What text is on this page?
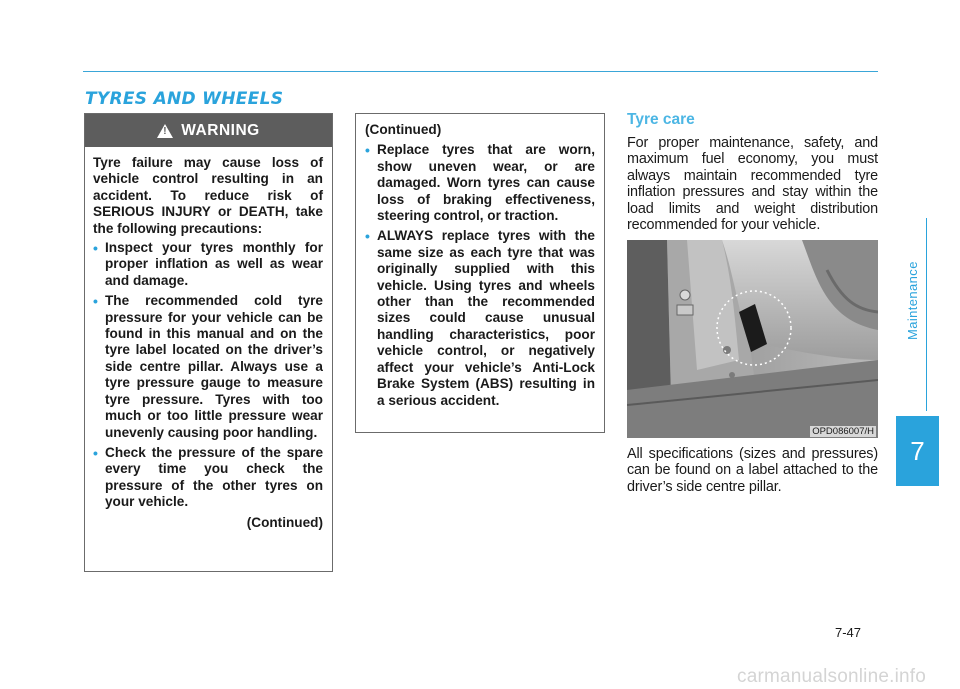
TYRES AND WHEELS
! WARNING

Tyre failure may cause loss of vehicle control resulting in an accident. To reduce risk of SERIOUS INJURY or DEATH, take the following precautions:

• Inspect your tyres monthly for proper inflation as well as wear and damage.
• The recommended cold tyre pressure for your vehicle can be found in this manual and on the tyre label located on the driver’s side centre pillar. Always use a tyre pressure gauge to measure tyre pressure. Tyres with too much or too little pressure wear unevenly causing poor handling.
• Check the pressure of the spare every time you check the pressure of the other tyres on your vehicle.

(Continued)

(Continued)

• Replace tyres that are worn, show uneven wear, or are damaged. Worn tyres can cause loss of braking effectiveness, steering control, or traction.
• ALWAYS replace tyres with the same size as each tyre that was originally supplied with this vehicle. Using tyres and wheels other than the recommended sizes could cause unusual handling characteristics, poor vehicle control, or negatively affect your vehicle’s Anti-Lock Brake System (ABS) resulting in a serious accident.
Tyre care

For proper maintenance, safety, and maximum fuel economy, you must always maintain recommended tyre inflation pressures and stay within the load limits and weight distribution recommended for your vehicle.

OPD086007/H

All specifications (sizes and pressures) can be found on a label attached to the driver’s side centre pillar.

Maintenance
7
7-47
carmanualsonline.info
